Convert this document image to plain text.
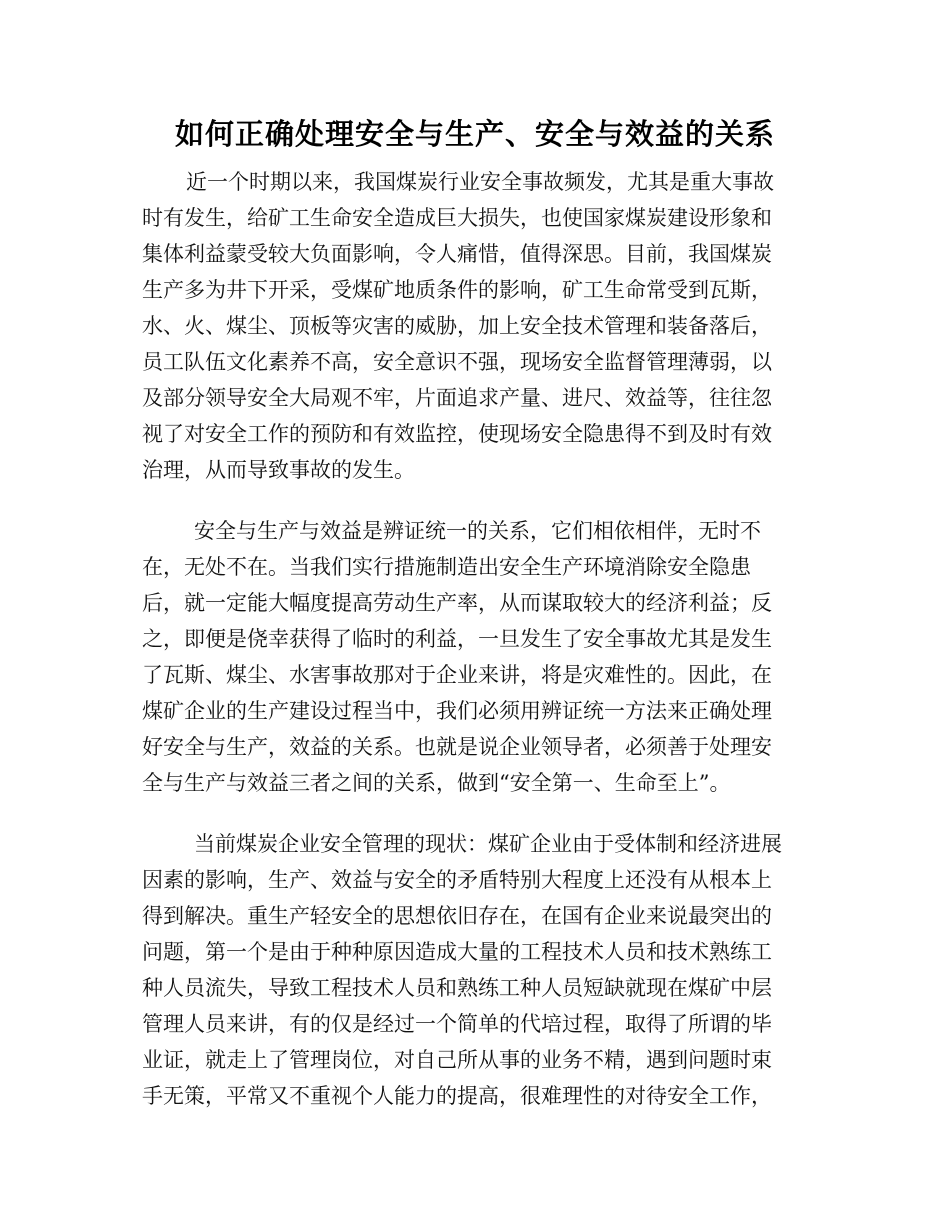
如何正确处理安全与生产、安全与效益的关系

近一个时期以来，我国煤炭行业安全事故频发，尤其是重大事故

时有发生，给矿工生命安全造成巨大损失，也使国家煤炭建设形象和

集体利益蒙受较大负面影响，令人痛惜，值得深思。目前，我国煤炭

生产多为井下开采，受煤矿地质条件的影响，矿工生命常受到瓦斯，

水、火、煤尘、顶板等灾害的威胁，加上安全技术管理和装备落后，

员工队伍文化素养不高，安全意识不强，现场安全监督管理薄弱，以

及部分领导安全大局观不牢，片面追求产量、进尺、效益等，往往忽

视了对安全工作的预防和有效监控，使现场安全隐患得不到及时有效

治理，从而导致事故的发生。

安全与生产与效益是辨证统一的关系，它们相依相伴，无时不

在，无处不在。当我们实行措施制造出安全生产环境消除安全隐患

后，就一定能大幅度提高劳动生产率，从而谋取较大的经济利益；反

之，即便是侥幸获得了临时的利益，一旦发生了安全事故尤其是发生

了瓦斯、煤尘、水害事故那对于企业来讲，将是灾难性的。因此，在

煤矿企业的生产建设过程当中，我们必须用辨证统一方法来正确处理

好安全与生产，效益的关系。也就是说企业领导者，必须善于处理安

全与生产与效益三者之间的关系，做到“安全第一、生命至上”。

当前煤炭企业安全管理的现状：煤矿企业由于受体制和经济进展

因素的影响，生产、效益与安全的矛盾特别大程度上还没有从根本上

得到解决。重生产轻安全的思想依旧存在，在国有企业来说最突出的

问题，第一个是由于种种原因造成大量的工程技术人员和技术熟练工

种人员流失，导致工程技术人员和熟练工种人员短缺就现在煤矿中层

管理人员来讲，有的仅是经过一个简单的代培过程，取得了所谓的毕

业证，就走上了管理岗位，对自己所从事的业务不精，遇到问题时束

手无策，平常又不重视个人能力的提高，很难理性的对待安全工作，
